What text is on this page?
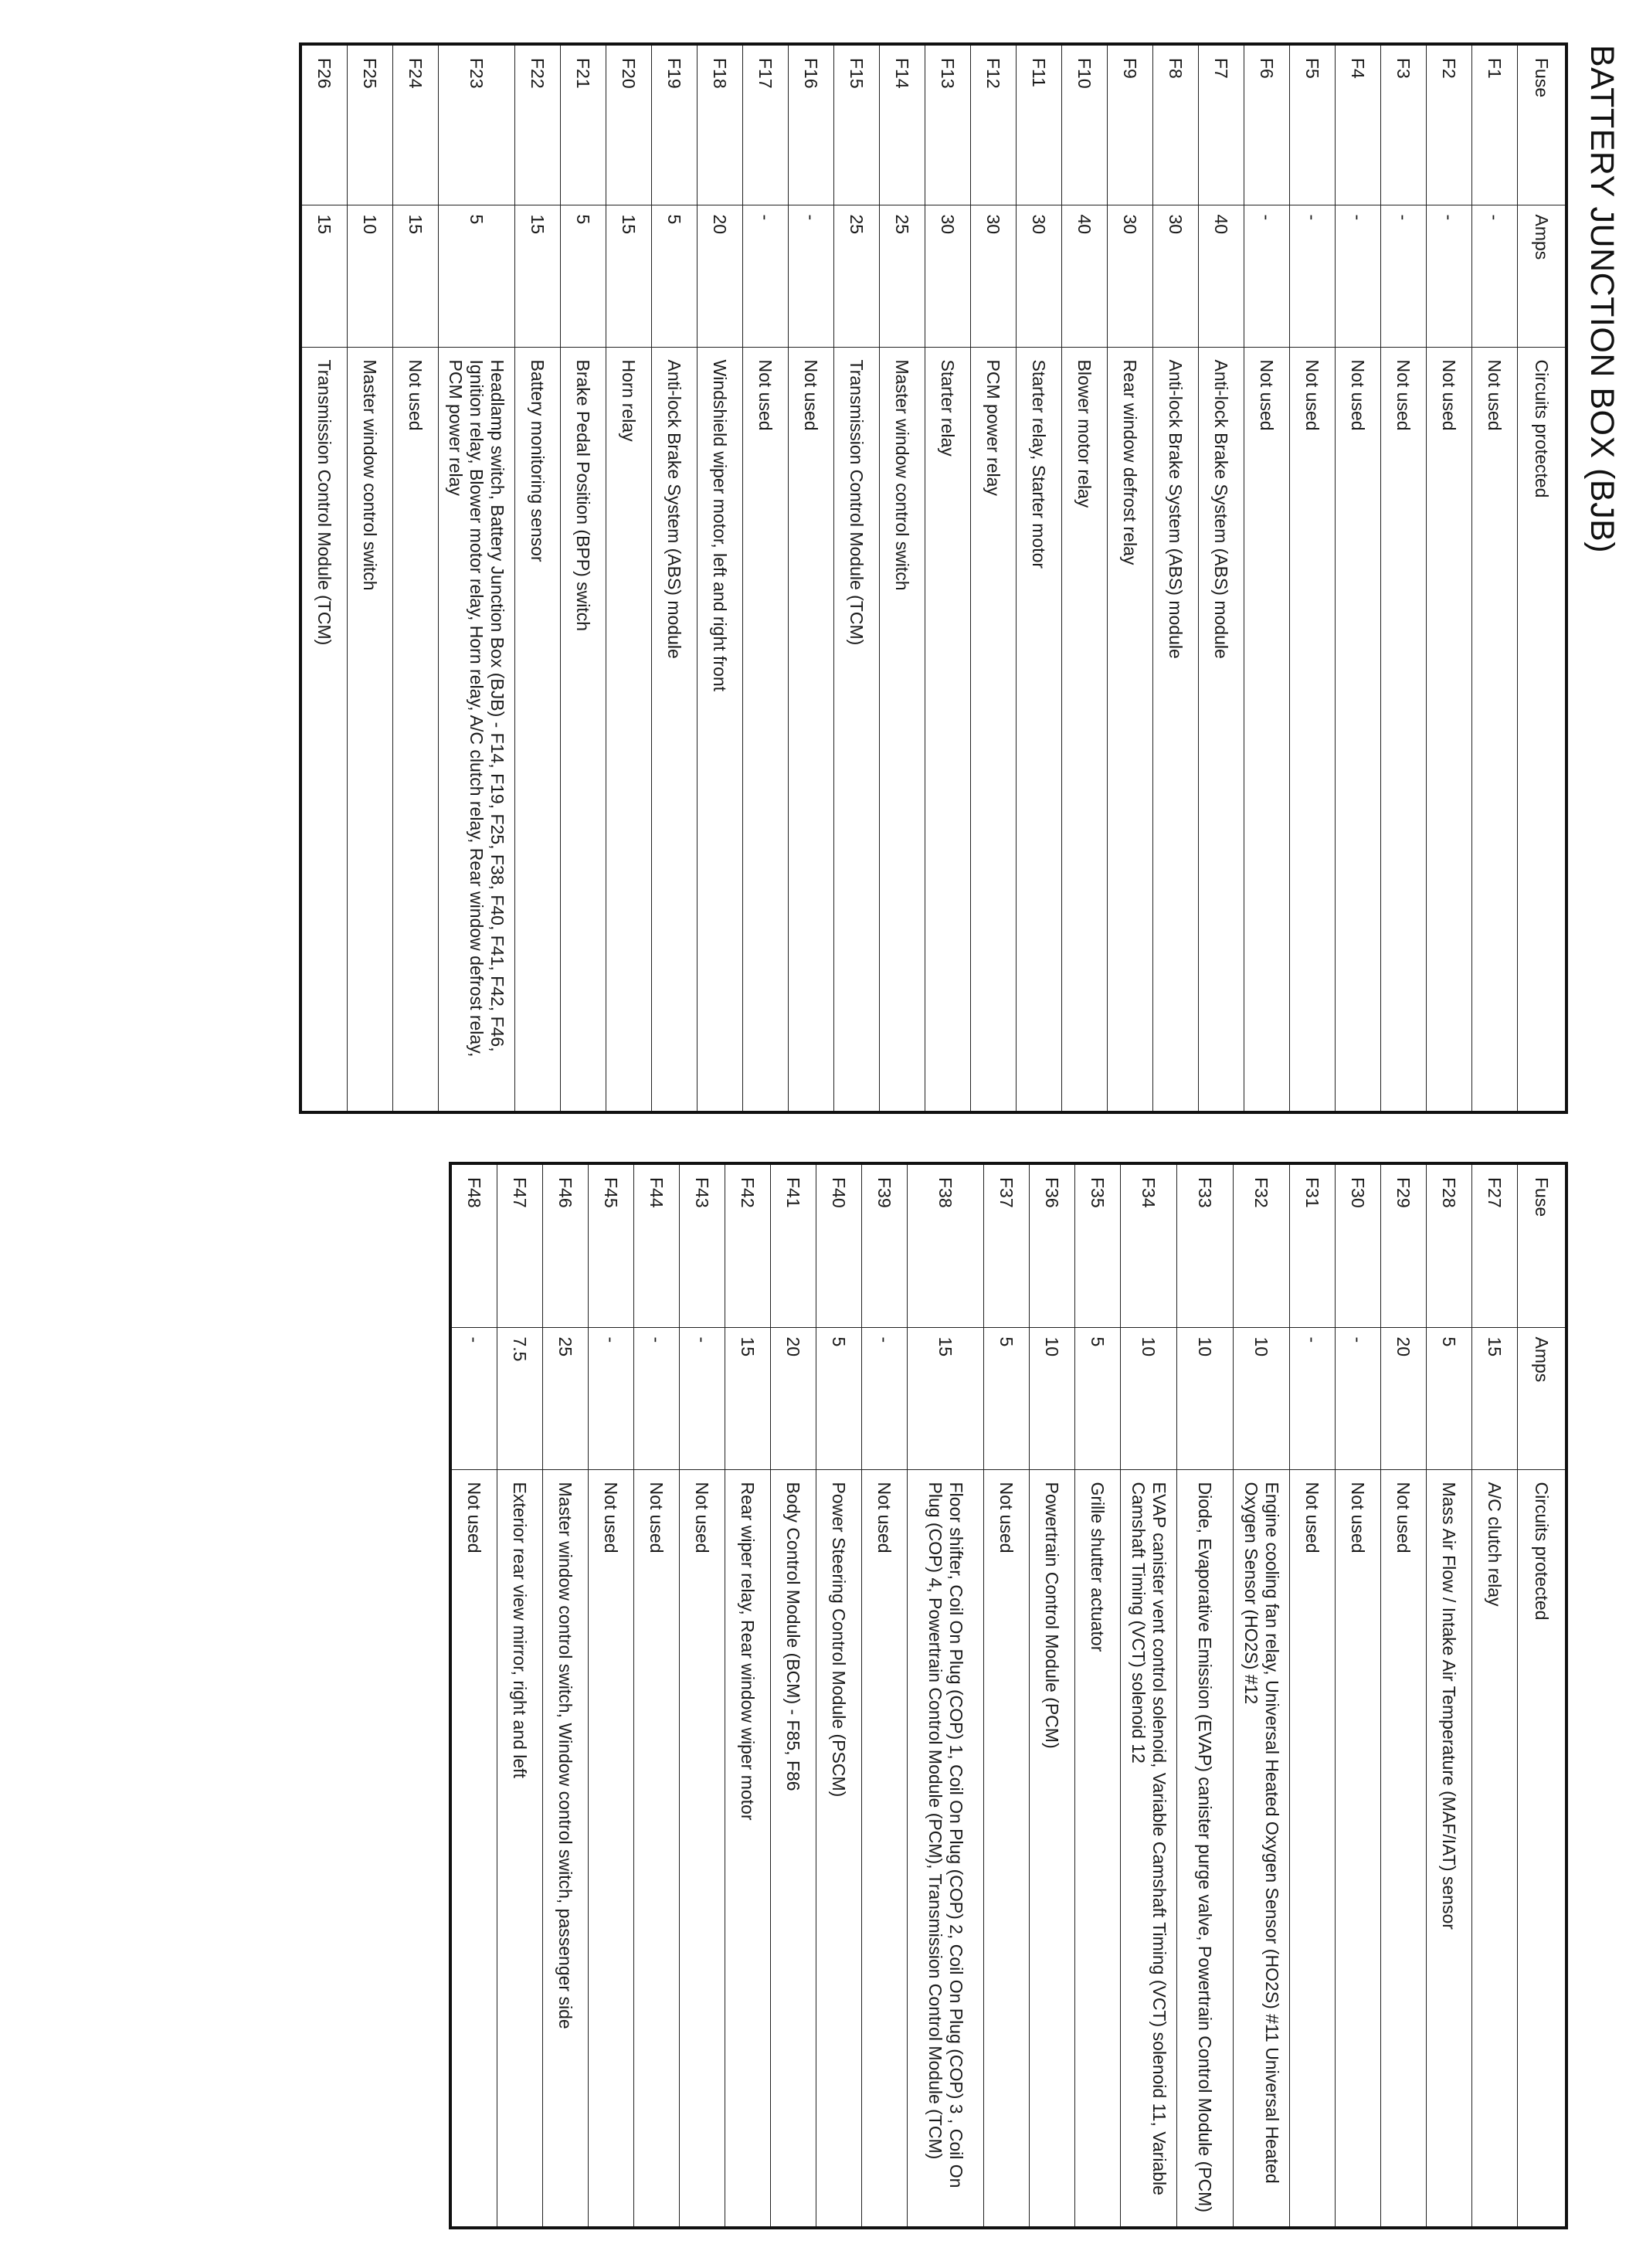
BATTERY JUNCTION BOX (BJB)
Fuse	Amps	Circuits protected
F1	-	Not used
F2	-	Not used
F3	-	Not used
F4	-	Not used
F5	-	Not used
F6	-	Not used
F7	40	Anti-lock Brake System (ABS) module
F8	30	Anti-lock Brake System (ABS) module
F9	30	Rear window defrost relay
F10	40	Blower motor relay
F11	30	Starter relay, Starter motor
F12	30	PCM power relay
F13	30	Starter relay
F14	25	Master window control switch
F15	25	Transmission Control Module (TCM)
F16	-	Not used
F17	-	Not used
F18	20	Windshield wiper motor, left and right front
F19	5	Anti-lock Brake System (ABS) module
F20	15	Horn relay
F21	5	Brake Pedal Position (BPP) switch
F22	15	Battery monitoring sensor
F23	5	Headlamp switch, Battery Junction Box (BJB) - F14, F19, F25, F38, F40, F41, F42, F46, Ignition relay, Blower motor relay, Horn relay, A/C clutch relay, Rear window defrost relay, PCM power relay
F24	15	Not used
F25	10	Master window control switch
F26	15	Transmission Control Module (TCM)
Fuse	Amps	Circuits protected
F27	15	A/C clutch relay
F28	5	Mass Air Flow / Intake Air Temperature (MAF/IAT) sensor
F29	20	Not used
F30	-	Not used
F31	-	Not used
F32	10	Engine cooling fan relay, Universal Heated Oxygen Sensor (HO2S) #11 Universal Heated Oxygen Sensor (HO2S) #12
F33	10	Diode, Evaporative Emission (EVAP) canister purge valve, Powertrain Control Module (PCM)
F34	10	EVAP canister vent control solenoid, Variable Camshaft Timing (VCT) solenoid 11, Variable Camshaft Timing (VCT) solenoid 12
F35	5	Grille shutter actuator
F36	10	Powertrain Control Module (PCM)
F37	5	Not used
F38	15	Floor shifter, Coil On Plug (COP) 1, Coil On Plug (COP) 2, Coil On Plug (COP) 3 , Coil On Plug (COP) 4, Powertrain Control Module (PCM), Transmission Control Module (TCM)
F39	-	Not used
F40	5	Power Steering Control Module (PSCM)
F41	20	Body Control Module (BCM) - F85, F86
F42	15	Rear wiper relay, Rear window wiper motor
F43	-	Not used
F44	-	Not used
F45	-	Not used
F46	25	Master window control switch, Window control switch, passenger side
F47	7.5	Exterior rear view mirror, right and left
F48	-	Not used
